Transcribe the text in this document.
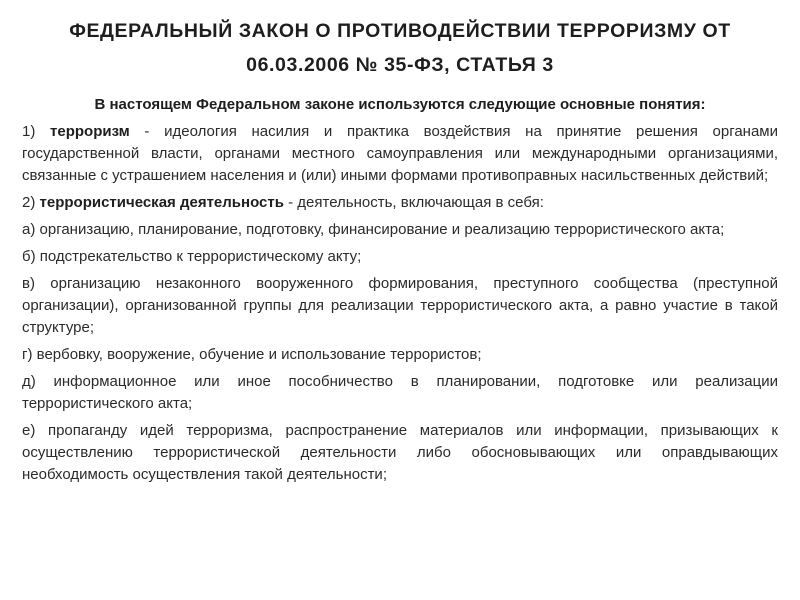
ФЕДЕРАЛЬНЫЙ ЗАКОН О ПРОТИВОДЕЙСТВИИ ТЕРРОРИЗМУ ОТ
06.03.2006 № 35-ФЗ, СТАТЬЯ 3

В настоящем Федеральном законе используются следующие основные понятия:

1) терроризм - идеология насилия и практика воздействия на принятие решения органами государственной власти, органами местного самоуправления или международными организациями, связанные с устрашением населения и (или) иными формами противоправных насильственных действий;

2) террористическая деятельность - деятельность, включающая в себя:

а) организацию, планирование, подготовку, финансирование и реализацию террористического акта;

б) подстрекательство к террористическому акту;

в) организацию незаконного вооруженного формирования, преступного сообщества (преступной организации), организованной группы для реализации террористического акта, а равно участие в такой структуре;

г) вербовку, вооружение, обучение и использование террористов;

д) информационное или иное пособничество в планировании, подготовке или реализации террористического акта;

е) пропаганду идей терроризма, распространение материалов или информации, призывающих к осуществлению террористической деятельности либо обосновывающих или оправдывающих необходимость осуществления такой деятельности;
